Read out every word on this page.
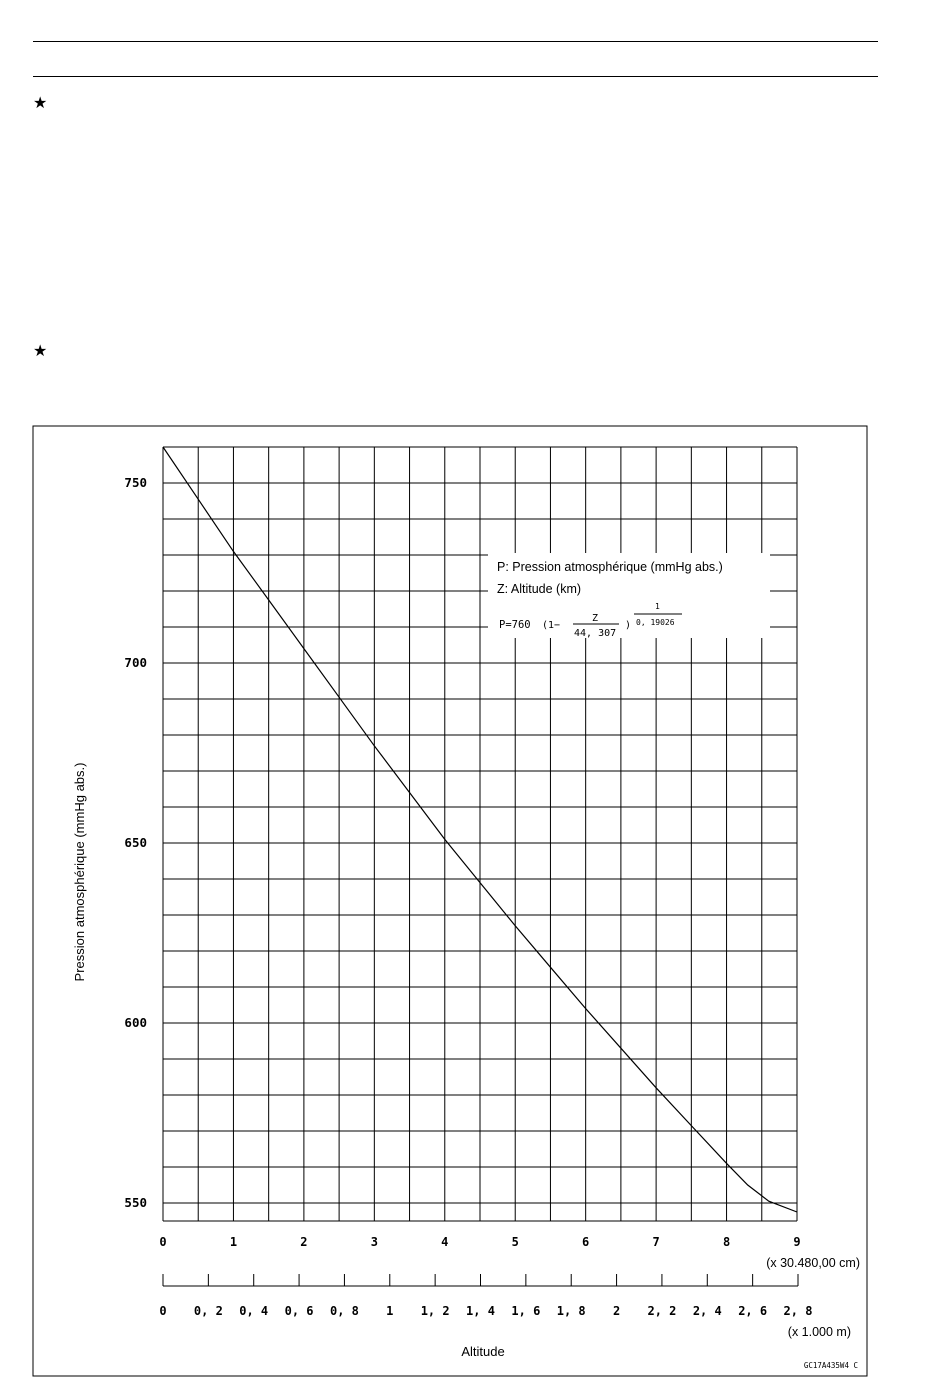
★
★
P: Pression atmosphérique (mmHg abs.)
Z: Altitude (km)
P=760 (1−
Z
44, 307
)
1
0, 19026
750
700
650
600
550
0	1	2	3	4	5	6	7	8	9
0 0, 2 0, 4 0, 6 0, 8 1 1, 2 1, 4 1, 6 1, 8 2 2, 2 2, 4 2, 6 2, 8
(x 30.480,00 cm)
(x 1.000 m)
Altitude
Pression atmosphérique (mmHg abs.)
GC17A435W4 C
